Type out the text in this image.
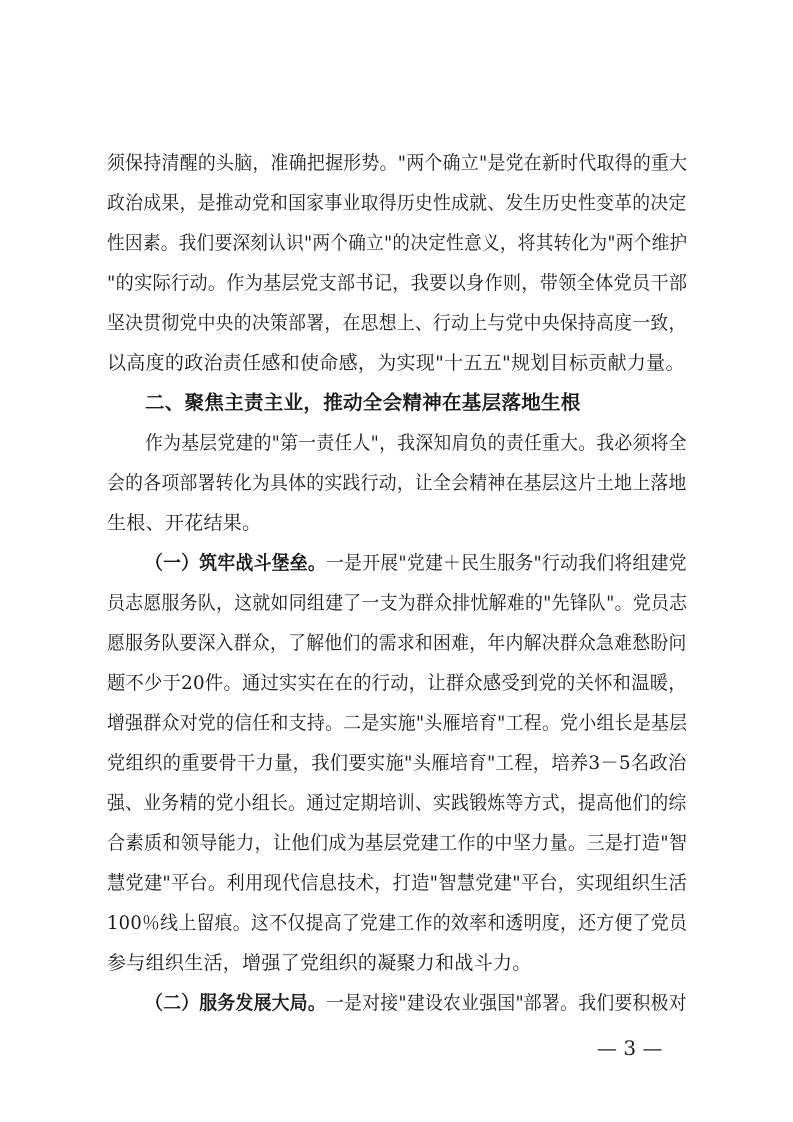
须保持清醒的头脑，准确把握形势。"两个确立"是党在新时代取得的重大
政治成果，是推动党和国家事业取得历史性成就、发生历史性变革的决定
性因素。我们要深刻认识"两个确立"的决定性意义，将其转化为"两个维护
"的实际行动。作为基层党支部书记，我要以身作则，带领全体党员干部
坚决贯彻党中央的决策部署，在思想上、行动上与党中央保持高度一致，
以高度的政治责任感和使命感，为实现"十五五"规划目标贡献力量。
二、聚焦主责主业，推动全会精神在基层落地生根
作为基层党建的"第一责任人"，我深知肩负的责任重大。我必须将全
会的各项部署转化为具体的实践行动，让全会精神在基层这片土地上落地
生根、开花结果。
（一）筑牢战斗堡垒。一是开展"党建＋民生服务"行动我们将组建党
员志愿服务队，这就如同组建了一支为群众排忧解难的"先锋队"。党员志
愿服务队要深入群众，了解他们的需求和困难，年内解决群众急难愁盼问
题不少于20件。通过实实在在的行动，让群众感受到党的关怀和温暖，
增强群众对党的信任和支持。二是实施"头雁培育"工程。党小组长是基层
党组织的重要骨干力量，我们要实施"头雁培育"工程，培养3－5名政治
强、业务精的党小组长。通过定期培训、实践锻炼等方式，提高他们的综
合素质和领导能力，让他们成为基层党建工作的中坚力量。三是打造"智
慧党建"平台。利用现代信息技术，打造"智慧党建"平台，实现组织生活
100％线上留痕。这不仅提高了党建工作的效率和透明度，还方便了党员
参与组织生活，增强了党组织的凝聚力和战斗力。
（二）服务发展大局。一是对接"建设农业强国"部署。我们要积极对
— 3 —
